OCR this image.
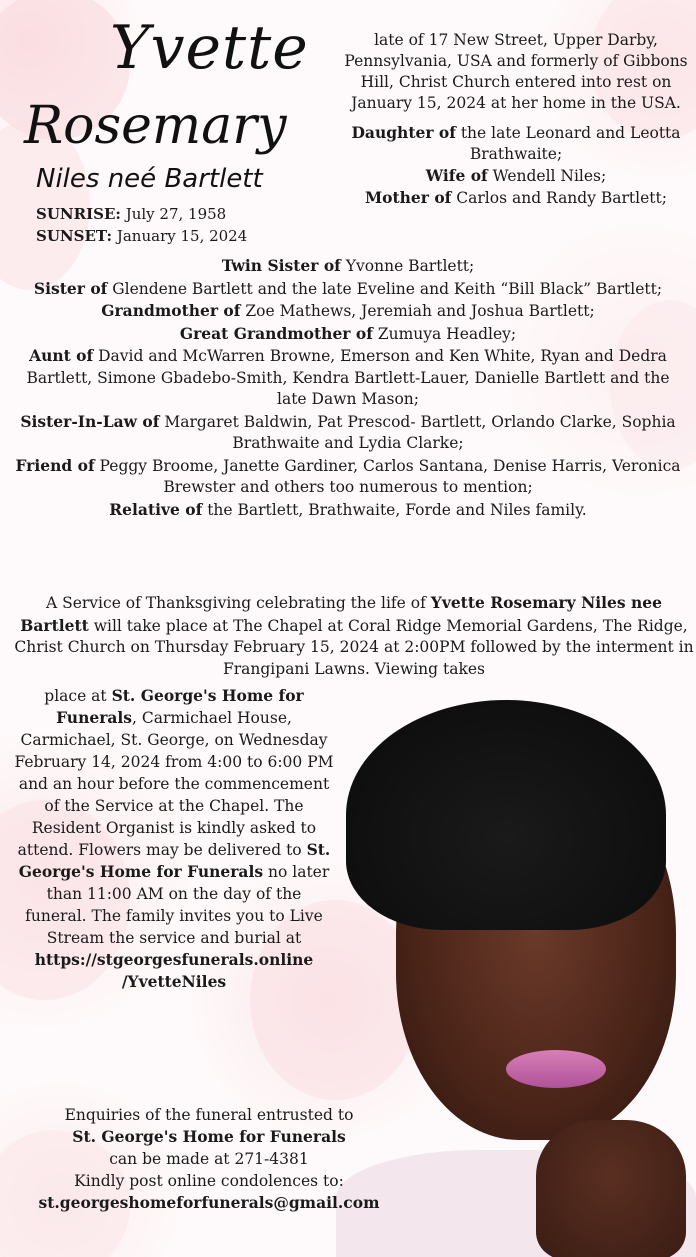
Yvette
Rosemary
Niles neé Bartlett
SUNRISE: July 27, 1958
SUNSET: January 15, 2024
late of 17 New Street, Upper Darby, Pennsylvania, USA and formerly of Gibbons Hill, Christ Church entered into rest on January 15, 2024 at her home in the USA.
Daughter of the late Leonard and Leotta Brathwaite;
Wife of Wendell Niles;
Mother of Carlos and Randy Bartlett;
Twin Sister of Yvonne Bartlett;
Sister of Glendene Bartlett and the late Eveline and Keith “Bill Black” Bartlett;
Grandmother of Zoe Mathews, Jeremiah and Joshua Bartlett;
Great Grandmother of Zumuya Headley;
Aunt of David and McWarren Browne, Emerson and Ken White, Ryan and Dedra Bartlett, Simone Gbadebo-Smith, Kendra Bartlett-Lauer, Danielle Bartlett and the late Dawn Mason;
Sister-In-Law of Margaret Baldwin, Pat Prescod- Bartlett, Orlando Clarke, Sophia Brathwaite and Lydia Clarke;
Friend of Peggy Broome, Janette Gardiner, Carlos Santana, Denise Harris, Veronica Brewster and others too numerous to mention;
Relative of the Bartlett, Brathwaite, Forde and Niles family.
A Service of Thanksgiving celebrating the life of Yvette Rosemary Niles nee Bartlett will take place at The Chapel at Coral Ridge Memorial Gardens, The Ridge, Christ Church on Thursday February 15, 2024 at 2:00PM followed by the interment in Frangipani Lawns. Viewing takes
place at St. George's Home for Funerals, Carmichael House, Carmichael, St. George, on Wednesday February 14, 2024 from 4:00 to 6:00 PM and an hour before the commencement of the Service at the Chapel. The Resident Organist is kindly asked to attend. Flowers may be delivered to St. George's Home for Funerals no later than 11:00 AM on the day of the funeral. The family invites you to Live Stream the service and burial at
https://stgeorgesfunerals.online /YvetteNiles
Enquiries of the funeral entrusted to
St. George's Home for Funerals
can be made at 271-4381
Kindly post online condolences to:
st.georgeshomeforfunerals@gmail.com
